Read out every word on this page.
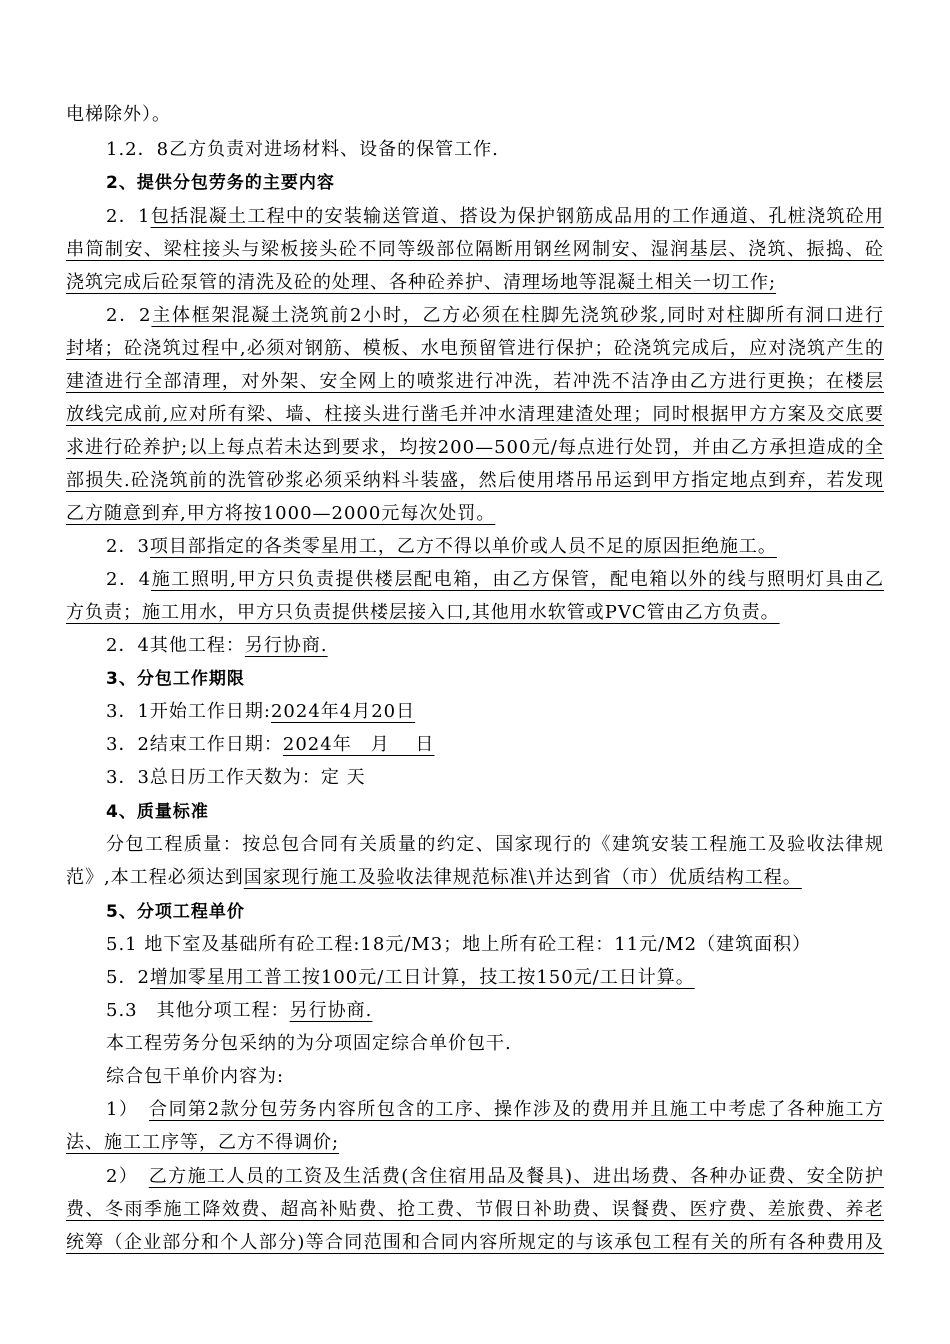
电梯除外）。
1.2．8乙方负责对进场材料、设备的保管工作.
2、提供分包劳务的主要内容
2．1包括混凝土工程中的安装输送管道、搭设为保护钢筋成品用的工作通道、孔桩浇筑砼用
串筒制安、梁柱接头与梁板接头砼不同等级部位隔断用钢丝网制安、湿润基层、浇筑、振捣、砼
浇筑完成后砼泵管的清洗及砼的处理、各种砼养护、清理场地等混凝土相关一切工作;
2．2主体框架混凝土浇筑前2小时，乙方必须在柱脚先浇筑砂浆,同时对柱脚所有洞口进行
封堵；砼浇筑过程中,必须对钢筋、模板、水电预留管进行保护；砼浇筑完成后，应对浇筑产生的
建渣进行全部清理，对外架、安全网上的喷浆进行冲洗，若冲洗不洁净由乙方进行更换；在楼层
放线完成前,应对所有梁、墙、柱接头进行凿毛并冲水清理建渣处理；同时根据甲方方案及交底要
求进行砼养护;以上每点若未达到要求，均按200—500元/每点进行处罚，并由乙方承担造成的全
部损失.砼浇筑前的洗管砂浆必须采纳料斗装盛，然后使用塔吊吊运到甲方指定地点到弃，若发现
乙方随意到弃,甲方将按1000—2000元每次处罚。
2．3项目部指定的各类零星用工，乙方不得以单价或人员不足的原因拒绝施工。
2．4施工照明,甲方只负责提供楼层配电箱，由乙方保管，配电箱以外的线与照明灯具由乙
方负责；施工用水，甲方只负责提供楼层接入口,其他用水软管或PVC管由乙方负责。
2．4其他工程：另行协商.
3、分包工作期限
3．1开始工作日期:2024年4月20日
3．2结束工作日期：2024年　月　 日
3．3总日历工作天数为：定 天
4、质量标准
分包工程质量：按总包合同有关质量的约定、国家现行的《建筑安装工程施工及验收法律规
范》,本工程必须达到国家现行施工及验收法律规范标准\并达到省（市）优质结构工程。
5、分项工程单价
5.1 地下室及基础所有砼工程:18元/M3；地上所有砼工程：11元/M2（建筑面积）
5．2增加零星用工普工按100元/工日计算，技工按150元/工日计算。
5.3　其他分项工程：另行协商.
本工程劳务分包采纳的为分项固定综合单价包干.
综合包干单价内容为:
1）　合同第2款分包劳务内容所包含的工序、操作涉及的费用并且施工中考虑了各种施工方
法、施工工序等，乙方不得调价;
2）　乙方施工人员的工资及生活费(含住宿用品及餐具)、进出场费、各种办证费、安全防护
费、冬雨季施工降效费、超高补贴费、抢工费、节假日补助费、误餐费、医疗费、差旅费、养老
统筹（企业部分和个人部分)等合同范围和合同内容所规定的与该承包工程有关的所有各种费用及
